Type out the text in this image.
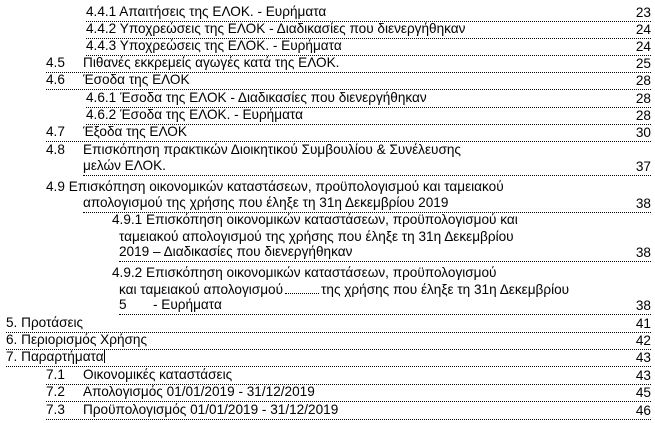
4.4.1 Απαιτήσεις της ΕΛΟΚ. - Ευρήματα	23
4.4.2 Υποχρεώσεις της ΕΛΟΚ - Διαδικασίες που διενεργήθηκαν	24
4.4.3 Υποχρεώσεις της ΕΛΟΚ. - Ευρήματα	24
4.5 Πιθανές εκκρεμείς αγωγές κατά της ΕΛΟΚ.	25
4.6 Έσοδα της ΕΛΟΚ	28
4.6.1 Έσοδα της ΕΛΟΚ - Διαδικασίες που διενεργήθηκαν	28
4.6.2 Έσοδα της ΕΛΟΚ. - Ευρήματα	28
4.7 Έξοδα της ΕΛΟΚ	30
4.8 Επισκόπηση πρακτικών Διοικητικού Συμβουλίου & Συνέλευσης
μελών ΕΛΟΚ.	37
4.9 Επισκόπηση οικονομικών καταστάσεων, προϋπολογισμού και ταμειακού
απολογισμού της χρήσης που έληξε τη 31η Δεκεμβρίου 2019	38
4.9.1 Επισκόπηση οικονομικών καταστάσεων, προϋπολογισμού και
ταμειακού απολογισμού της χρήσης που έληξε τη 31η Δεκεμβρίου
2019 – Διαδικασίες που διενεργήθηκαν	38
4.9.2 Επισκόπηση οικονομικών καταστάσεων, προϋπολογισμού
και ταμειακού απολογισμού	της χρήσης που έληξε τη 31η Δεκεμβρίου
5 - Ευρήματα	38
5. Προτάσεις	41
6. Περιορισμός Χρήσης	42
7. Παραρτήματα	43
7.1 Οικονομικές καταστάσεις	43
7.2 Απολογισμός 01/01/2019 - 31/12/2019	45
7.3 Προϋπολογισμός 01/01/2019 - 31/12/2019	46
